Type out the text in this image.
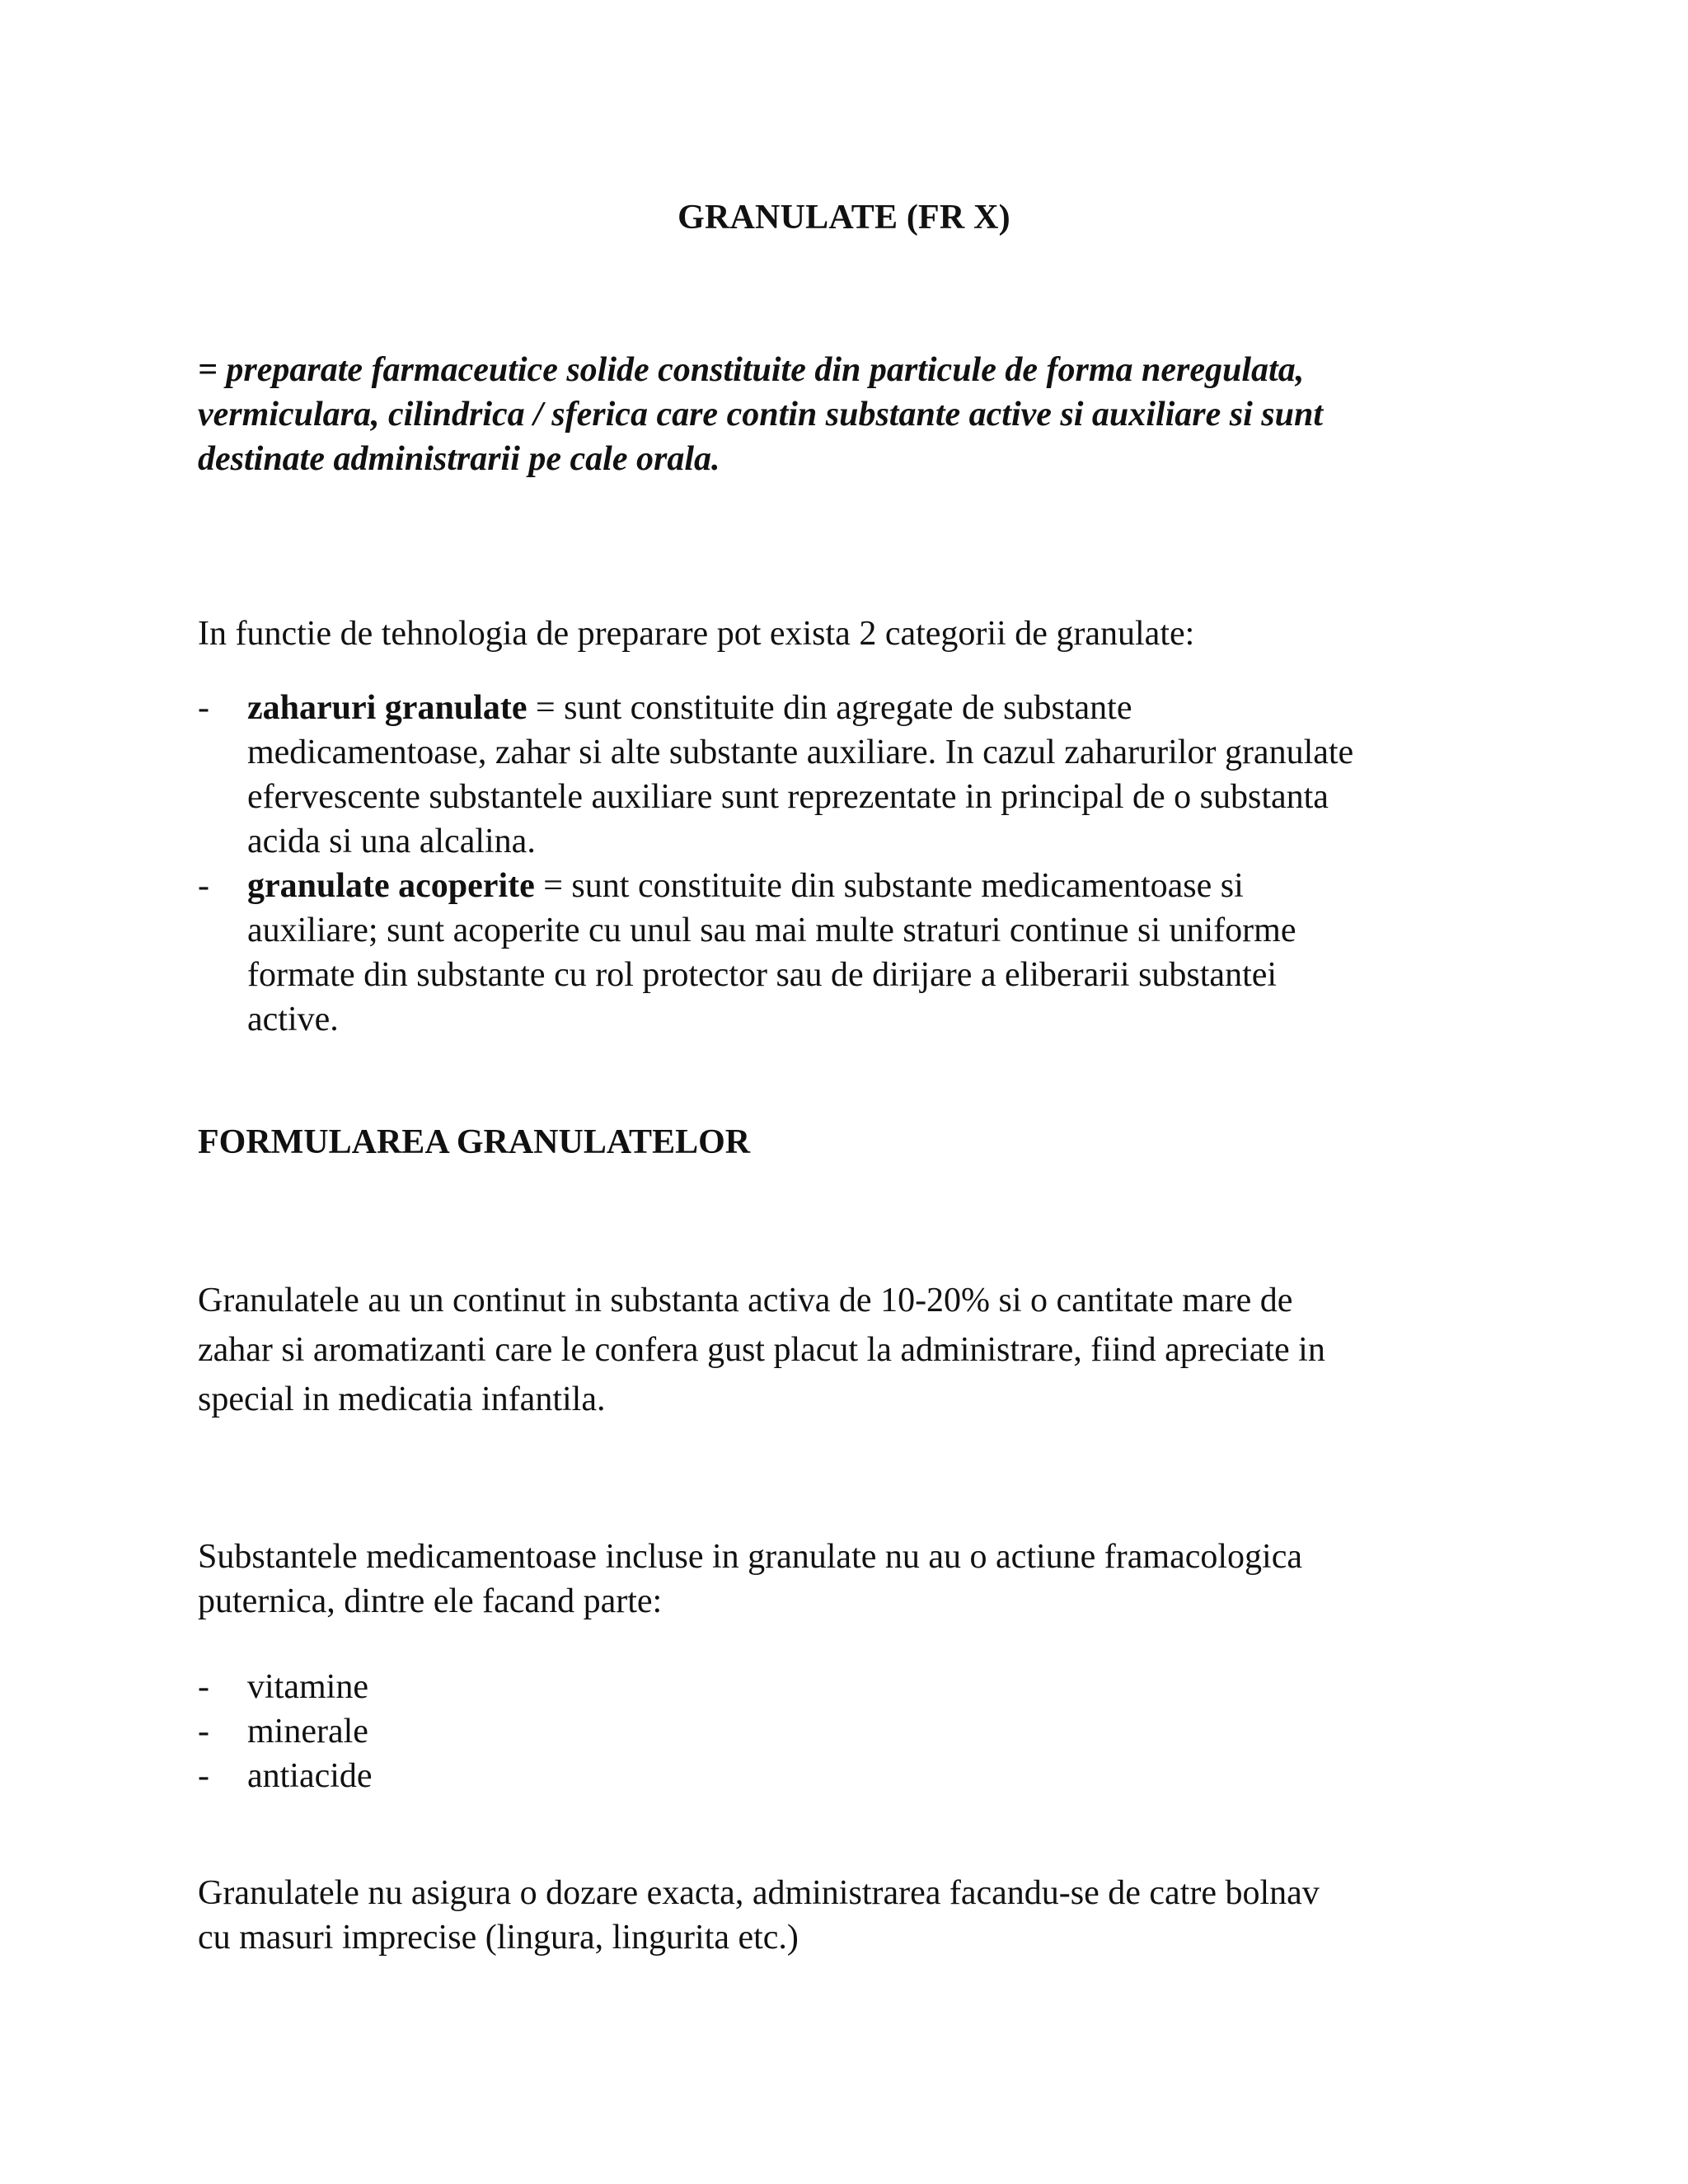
GRANULATE (FR X)
= preparate farmaceutice solide constituite din particule de forma neregulata,
vermiculara, cilindrica / sferica care contin substante active si auxiliare si sunt
destinate administrarii pe cale orala.
In functie de tehnologia de preparare pot exista 2 categorii de granulate:
- zaharuri granulate = sunt constituite din agregate de substante
medicamentoase, zahar si alte substante auxiliare. In cazul zaharurilor granulate
efervescente substantele auxiliare sunt reprezentate in principal de o substanta
acida si una alcalina.
- granulate acoperite = sunt constituite din substante medicamentoase si
auxiliare; sunt acoperite cu unul sau mai multe straturi continue si uniforme
formate din substante cu rol protector sau de dirijare a eliberarii substantei
active.
FORMULAREA GRANULATELOR
Granulatele au un continut in substanta activa de 10-20% si o cantitate mare de
zahar si aromatizanti care le confera gust placut la administrare, fiind apreciate in
special in medicatia infantila.
Substantele medicamentoase incluse in granulate nu au o actiune framacologica
puternica, dintre ele facand parte:
- vitamine
- minerale
- antiacide
Granulatele nu asigura o dozare exacta, administrarea facandu-se de catre bolnav
cu masuri imprecise (lingura, lingurita etc.)
